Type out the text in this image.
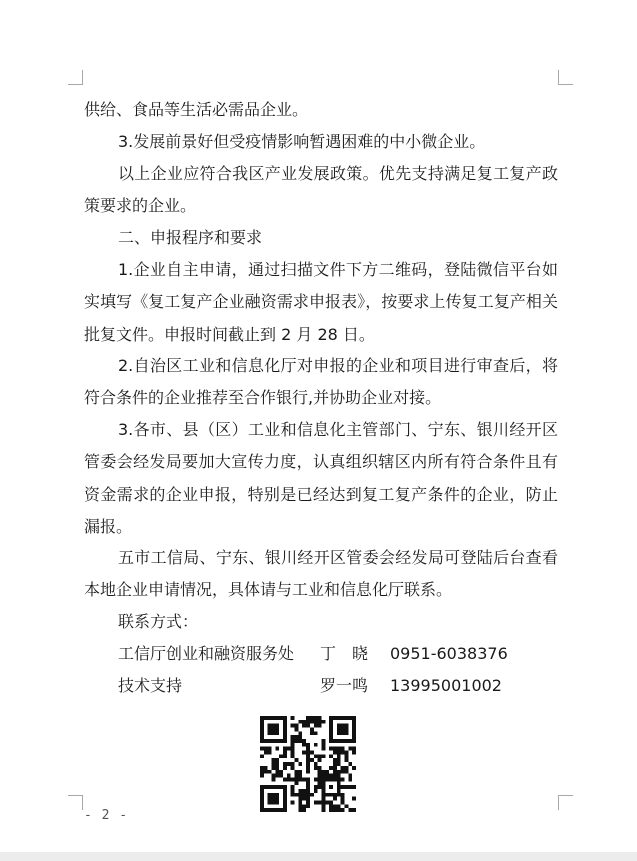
供给、食品等生活必需品企业。
3.发展前景好但受疫情影响暂遇困难的中小微企业。
以上企业应符合我区产业发展政策。优先支持满足复工复产政策要求的企业。
二、申报程序和要求
1.企业自主申请，通过扫描文件下方二维码，登陆微信平台如实填写《复工复产企业融资需求申报表》，按要求上传复工复产相关批复文件。申报时间截止到 2 月 28 日。
2.自治区工业和信息化厅对申报的企业和项目进行审查后，将符合条件的企业推荐至合作银行,并协助企业对接。
3.各市、县（区）工业和信息化主管部门、宁东、银川经开区管委会经发局要加大宣传力度，认真组织辖区内所有符合条件且有资金需求的企业申报，特别是已经达到复工复产条件的企业，防止漏报。
五市工信局、宁东、银川经开区管委会经发局可登陆后台查看本地企业申请情况，具体请与工业和信息化厅联系。
联系方式：
工信厅创业和融资服务处 丁　晓 0951-6038376
技术支持	罗一鸣 13995001002
- 2 -
